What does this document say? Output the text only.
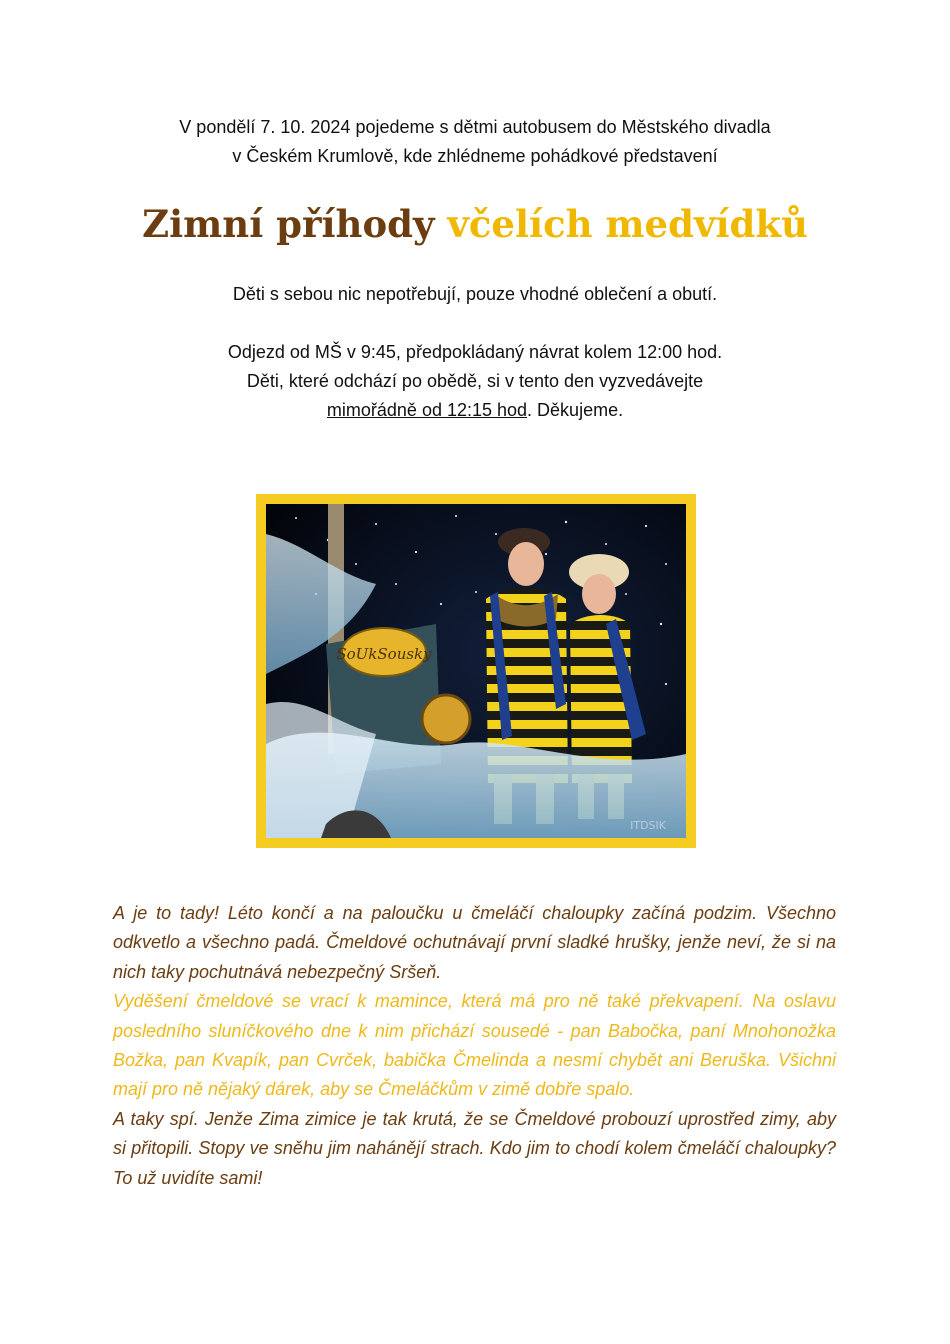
V pondělí 7. 10. 2024 pojedeme s dětmi autobusem do Městského divadla
v Českém Krumlově, kde zhlédneme pohádkové představení
Zimní příhody včelích medvídků
Děti s sebou nic nepotřebují, pouze vhodné oblečení a obutí.
Odjezd od MŠ v 9:45, předpokládaný návrat kolem 12:00 hod.
Děti, které odchází po obědě, si v tento den vyzvedávejte
mimořádně od 12:15 hod. Děkujeme.
SoUkSousky
ITDSIK

A je to tady! Léto končí a na paloučku u čmeláčí chaloupky začíná podzim. Všechno odkvetlo a všechno padá. Čmeldové ochutnávají první sladké hrušky, jenže neví, že si na nich taky pochutnává nebezpečný Sršeň.

Vyděšení čmeldové se vrací k mamince, která má pro ně také překvapení. Na oslavu posledního sluníčkového dne k nim přichází sousedé - pan Babočka, paní Mnohonožka Božka, pan Kvapík, pan Cvrček, babička Čmelinda a nesmí chybět ani Beruška. Všichni mají pro ně nějaký dárek, aby se Čmeláčkům v zimě dobře spalo.

A taky spí. Jenže Zima zimice je tak krutá, že se Čmeldové probouzí uprostřed zimy, aby si přitopili. Stopy ve sněhu jim nahánějí strach. Kdo jim to chodí kolem čmeláčí chaloupky? To už uvidíte sami!
